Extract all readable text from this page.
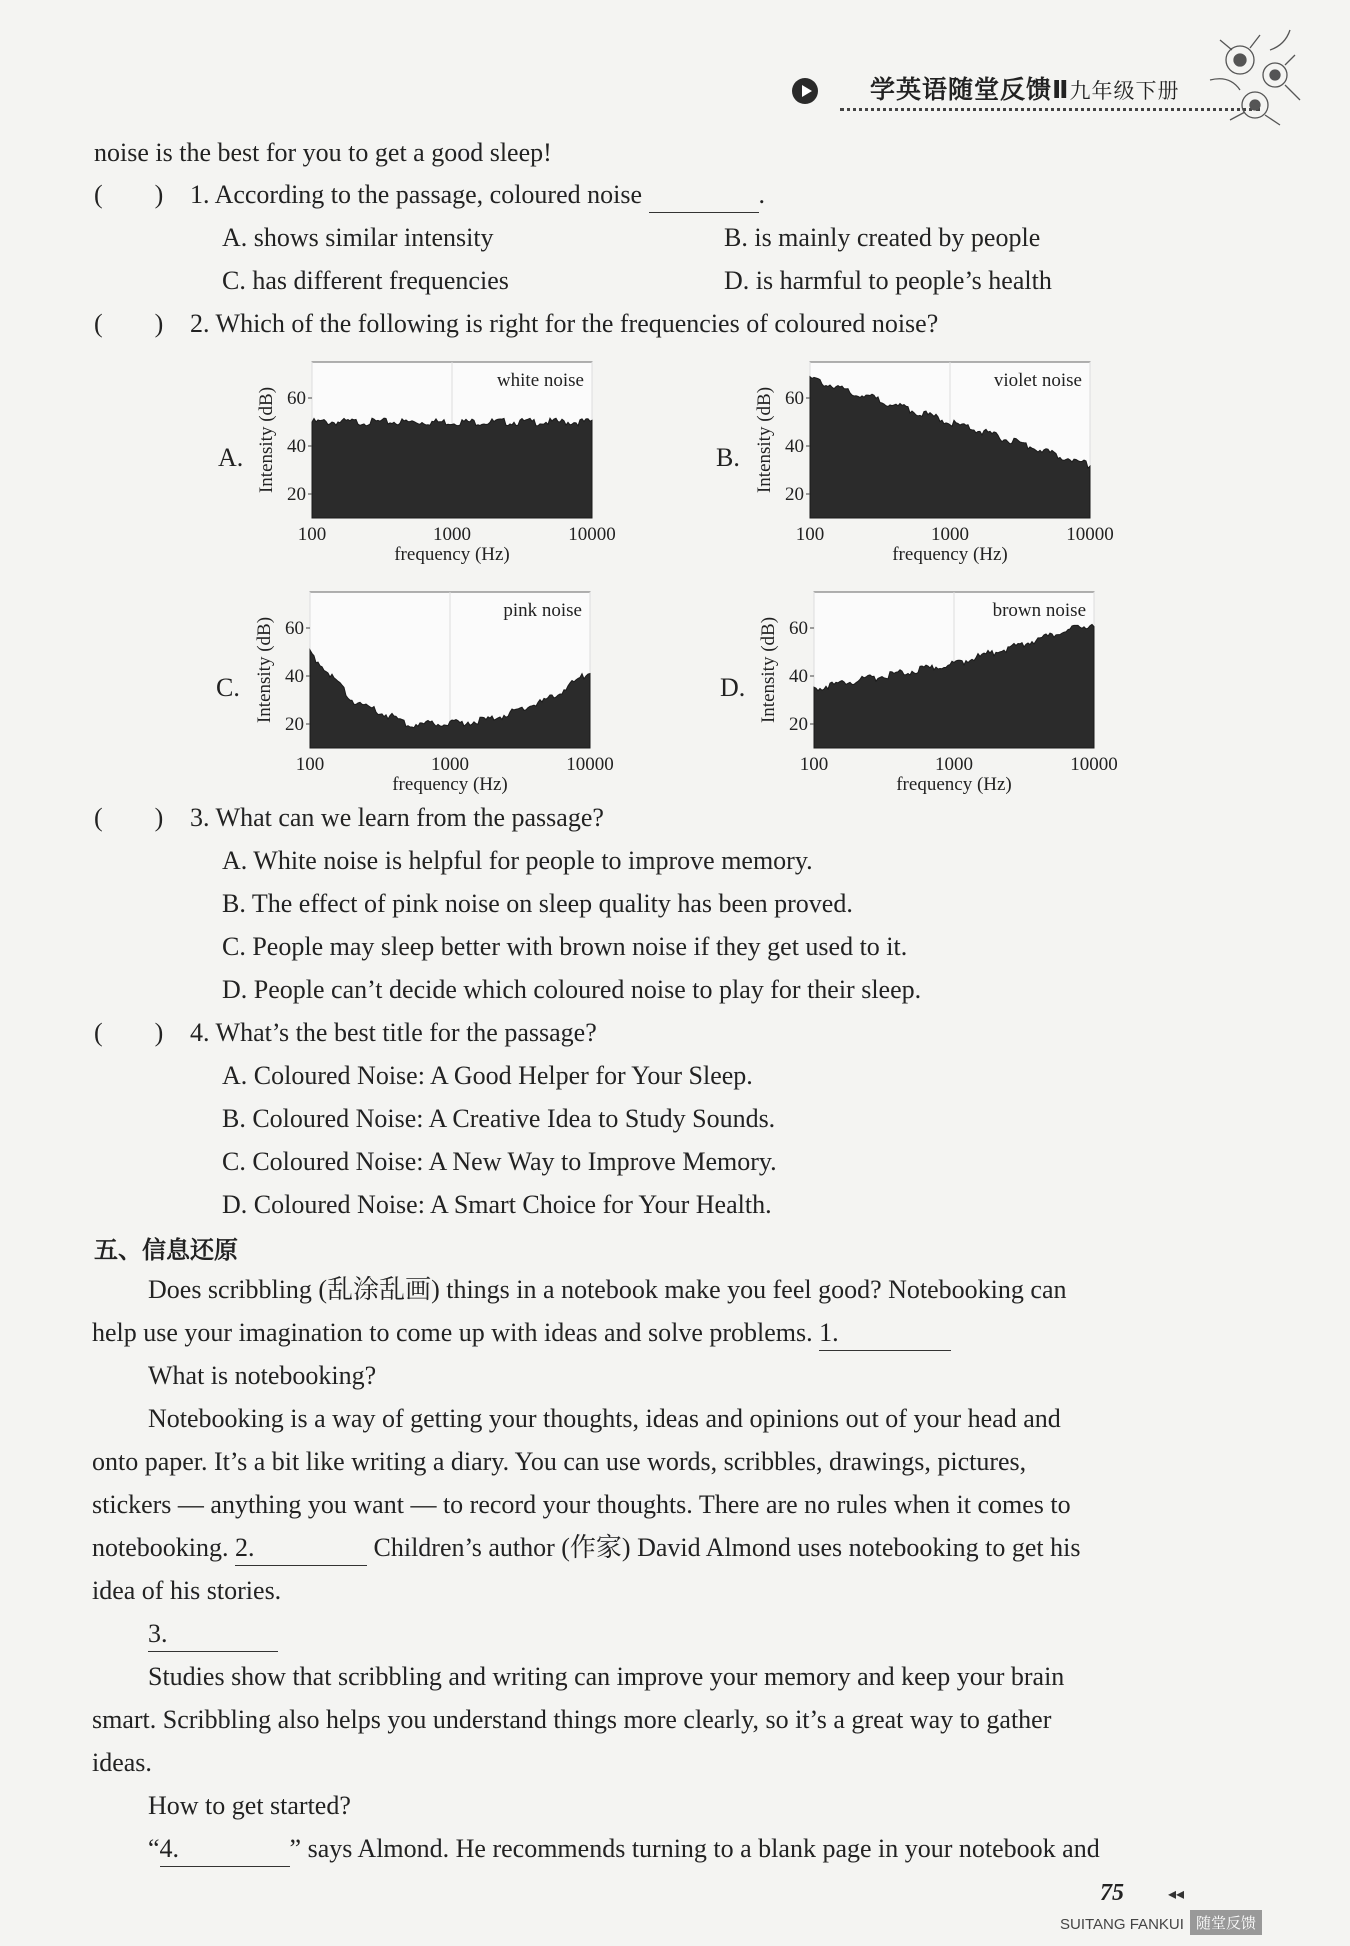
学英语随堂反馈Ⅱ九年级下册
noise is the best for you to get a good sleep!
( ) 1. According to the passage, coloured noise	.
A. shows similar intensity	B. is mainly created by people
C. has different frequencies	D. is harmful to people’s health
( ) 2. Which of the following is right for the frequencies of coloured noise?
A.
white noise
20
40
60
Intensity (dB)
100	1000	10000
frequency (Hz)
B.
violet noise
20
40
60
Intensity (dB)
100	1000	10000
frequency (Hz)
C.
pink noise
20
40
60
Intensity (dB)
100	1000	10000
frequency (Hz)
D.
brown noise
20
40
60
Intensity (dB)
100	1000	10000
frequency (Hz)
( ) 3. What can we learn from the passage?
A. White noise is helpful for people to improve memory.
B. The effect of pink noise on sleep quality has been proved.
C. People may sleep better with brown noise if they get used to it.
D. People can’t decide which coloured noise to play for their sleep.
( ) 4. What’s the best title for the passage?
A. Coloured Noise: A Good Helper for Your Sleep.
B. Coloured Noise: A Creative Idea to Study Sounds.
C. Coloured Noise: A New Way to Improve Memory.
D. Coloured Noise: A Smart Choice for Your Health.
五、信息还原
Does scribbling (乱涂乱画) things in a notebook make you feel good? Notebooking can
help use your imagination to come up with ideas and solve problems. 1.
What is notebooking?
Notebooking is a way of getting your thoughts, ideas and opinions out of your head and
onto paper. It’s a bit like writing a diary. You can use words, scribbles, drawings, pictures,
stickers — anything you want — to record your thoughts. There are no rules when it comes to
notebooking. 2.	Children’s author (作家) David Almond uses notebooking to get his
idea of his stories.
3.
Studies show that scribbling and writing can improve your memory and keep your brain
smart. Scribbling also helps you understand things more clearly, so it’s a great way to gather
ideas.
How to get started?
“4.	” says Almond. He recommends turning to a blank page in your notebook and
75	◂◂
SUITANG FANKUI 随堂反馈
